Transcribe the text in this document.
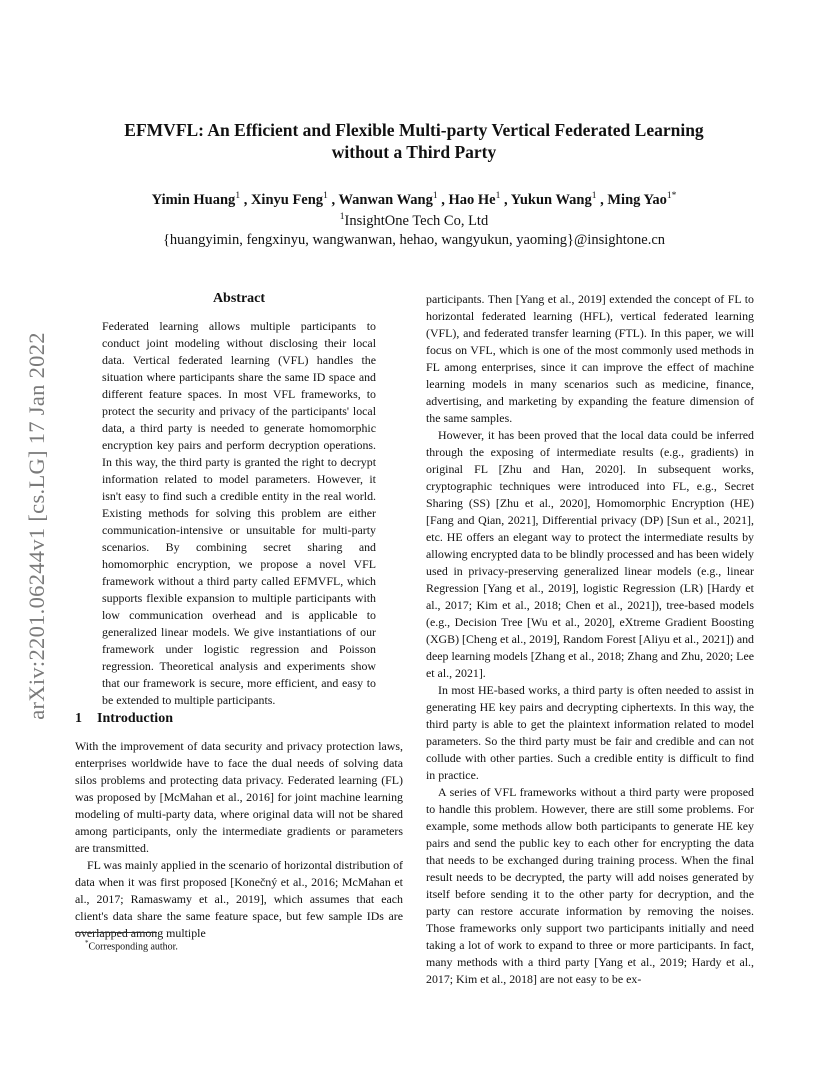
arXiv:2201.06244v1 [cs.LG] 17 Jan 2022
EFMVFL: An Efficient and Flexible Multi-party Vertical Federated Learning
without a Third Party
Yimin Huang$^1$ , Xinyu Feng$^1$ , Wanwan Wang$^1$ , Hao He$^1$ , Yukun Wang$^1$ , Ming Yao$^{1*}$
$^1$InsightOne Tech Co, Ltd
{huangyimin, fengxinyu, wangwanwan, hehao, wangyukun, yaoming}@insightone.cn
Abstract

Federated learning allows multiple participants to conduct joint modeling without disclosing their local data. Vertical federated learning (VFL) handles the situation where participants share the same ID space and different feature spaces. In most VFL frameworks, to protect the security and privacy of the participants' local data, a third party is needed to generate homomorphic encryption key pairs and perform decryption operations. In this way, the third party is granted the right to decrypt information related to model parameters. However, it isn't easy to find such a credible entity in the real world. Existing methods for solving this problem are either communication-intensive or unsuitable for multi-party scenarios. By combining secret sharing and homomorphic encryption, we propose a novel VFL framework without a third party called EFMVFL, which supports flexible expansion to multiple participants with low communication overhead and is applicable to generalized linear models. We give instantiations of our framework under logistic regression and Poisson regression. Theoretical analysis and experiments show that our framework is secure, more efficient, and easy to be extended to multiple participants.

1 Introduction

With the improvement of data security and privacy protection laws, enterprises worldwide have to face the dual needs of solving data silos problems and protecting data privacy. Federated learning (FL) was proposed by [McMahan et al., 2016] for joint machine learning modeling of multi-party data, where original data will not be shared among participants, only the intermediate gradients or parameters are transmitted.

FL was mainly applied in the scenario of horizontal distribution of data when it was first proposed [Konečný et al., 2016; McMahan et al., 2017; Ramaswamy et al., 2019], which assumes that each client's data share the same feature space, but few sample IDs are overlapped among multiple

participants. Then [Yang et al., 2019] extended the concept of FL to horizontal federated learning (HFL), vertical federated learning (VFL), and federated transfer learning (FTL). In this paper, we will focus on VFL, which is one of the most commonly used methods in FL among enterprises, since it can improve the effect of machine learning models in many scenarios such as medicine, finance, advertising, and marketing by expanding the feature dimension of the same samples.

However, it has been proved that the local data could be inferred through the exposing of intermediate results (e.g., gradients) in original FL [Zhu and Han, 2020]. In subsequent works, cryptographic techniques were introduced into FL, e.g., Secret Sharing (SS) [Zhu et al., 2020], Homomorphic Encryption (HE) [Fang and Qian, 2021], Differential privacy (DP) [Sun et al., 2021], etc. HE offers an elegant way to protect the intermediate results by allowing encrypted data to be blindly processed and has been widely used in privacy-preserving generalized linear models (e.g., linear Regression [Yang et al., 2019], logistic Regression (LR) [Hardy et al., 2017; Kim et al., 2018; Chen et al., 2021]), tree-based models (e.g., Decision Tree [Wu et al., 2020], eXtreme Gradient Boosting (XGB) [Cheng et al., 2019], Random Forest [Aliyu et al., 2021]) and deep learning models [Zhang et al., 2018; Zhang and Zhu, 2020; Lee et al., 2021].

In most HE-based works, a third party is often needed to assist in generating HE key pairs and decrypting ciphertexts. In this way, the third party is able to get the plaintext information related to model parameters. So the third party must be fair and credible and can not collude with other parties. Such a credible entity is difficult to find in practice.

A series of VFL frameworks without a third party were proposed to handle this problem. However, there are still some problems. For example, some methods allow both participants to generate HE key pairs and send the public key to each other for encrypting the data that needs to be exchanged during training process. When the final result needs to be decrypted, the party will add noises generated by itself before sending it to the other party for decryption, and the party can restore accurate information by removing the noises. Those frameworks only support two participants initially and need taking a lot of work to expand to three or more participants. In fact, many methods with a third party [Yang et al., 2019; Hardy et al., 2017; Kim et al., 2018] are not easy to be ex-

*Corresponding author.
